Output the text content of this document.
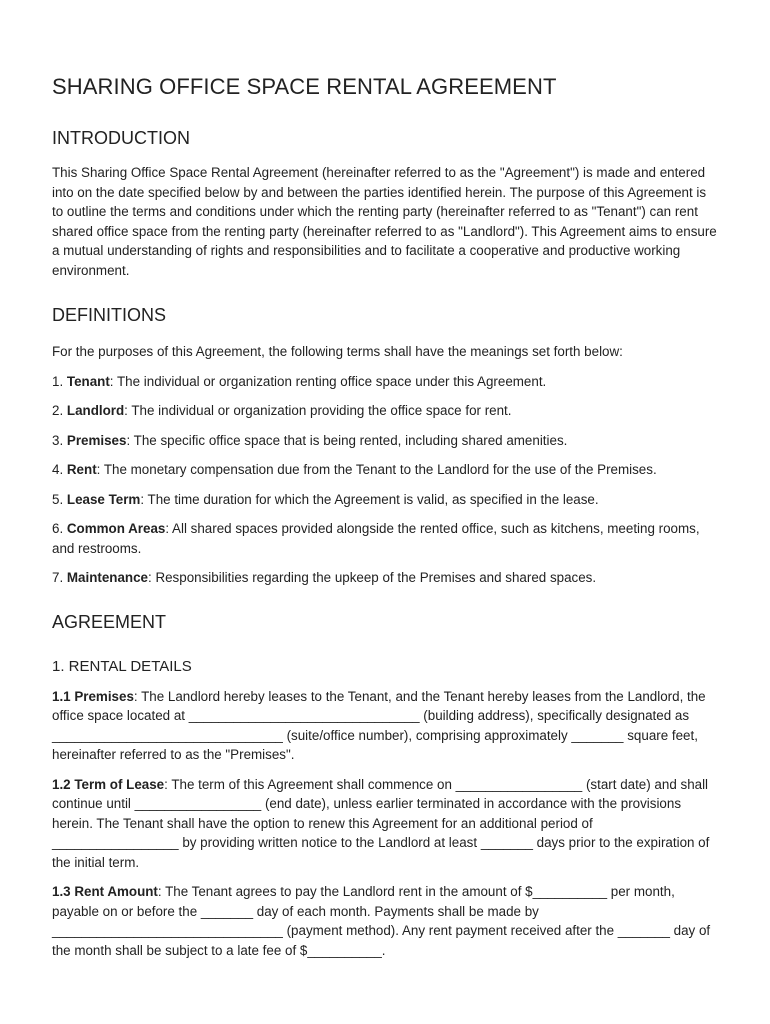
SHARING OFFICE SPACE RENTAL AGREEMENT
INTRODUCTION

This Sharing Office Space Rental Agreement (hereinafter referred to as the "Agreement") is made and entered into on the date specified below by and between the parties identified herein. The purpose of this Agreement is to outline the terms and conditions under which the renting party (hereinafter referred to as "Tenant") can rent shared office space from the renting party (hereinafter referred to as "Landlord"). This Agreement aims to ensure a mutual understanding of rights and responsibilities and to facilitate a cooperative and productive working environment.

DEFINITIONS

For the purposes of this Agreement, the following terms shall have the meanings set forth below:

1. Tenant: The individual or organization renting office space under this Agreement.
2. Landlord: The individual or organization providing the office space for rent.
3. Premises: The specific office space that is being rented, including shared amenities.
4. Rent: The monetary compensation due from the Tenant to the Landlord for the use of the Premises.
5. Lease Term: The time duration for which the Agreement is valid, as specified in the lease.
6. Common Areas: All shared spaces provided alongside the rented office, such as kitchens, meeting rooms, and restrooms.
7. Maintenance: Responsibilities regarding the upkeep of the Premises and shared spaces.
AGREEMENT
1. RENTAL DETAILS

1.1 Premises: The Landlord hereby leases to the Tenant, and the Tenant hereby leases from the Landlord, the office space located at _______________________________ (building address), specifically designated as _______________________________ (suite/office number), comprising approximately _______ square feet, hereinafter referred to as the "Premises".

1.2 Term of Lease: The term of this Agreement shall commence on _________________ (start date) and shall continue until _________________ (end date), unless earlier terminated in accordance with the provisions herein. The Tenant shall have the option to renew this Agreement for an additional period of _________________ by providing written notice to the Landlord at least _______ days prior to the expiration of the initial term.

1.3 Rent Amount: The Tenant agrees to pay the Landlord rent in the amount of $__________ per month, payable on or before the _______ day of each month. Payments shall be made by _______________________________ (payment method). Any rent payment received after the _______ day of the month shall be subject to a late fee of $__________.
